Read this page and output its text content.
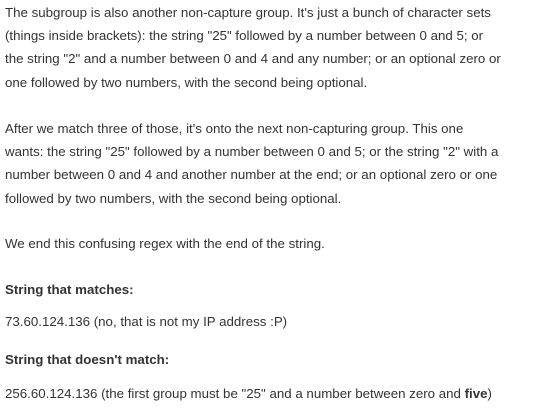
The subgroup is also another non-capture group. It's just a bunch of character sets
(things inside brackets): the string "25" followed by a number between 0 and 5; or
the string "2" and a number between 0 and 4 and any number; or an optional zero or
one followed by two numbers, with the second being optional.

After we match three of those, it's onto the next non-capturing group. This one
wants: the string "25" followed by a number between 0 and 5; or the string "2" with a
number between 0 and 4 and another number at the end; or an optional zero or one
followed by two numbers, with the second being optional.

We end this confusing regex with the end of the string.

String that matches:

73.60.124.136 (no, that is not my IP address :P)

String that doesn't match:

256.60.124.136 (the first group must be "25" and a number between zero and five)
